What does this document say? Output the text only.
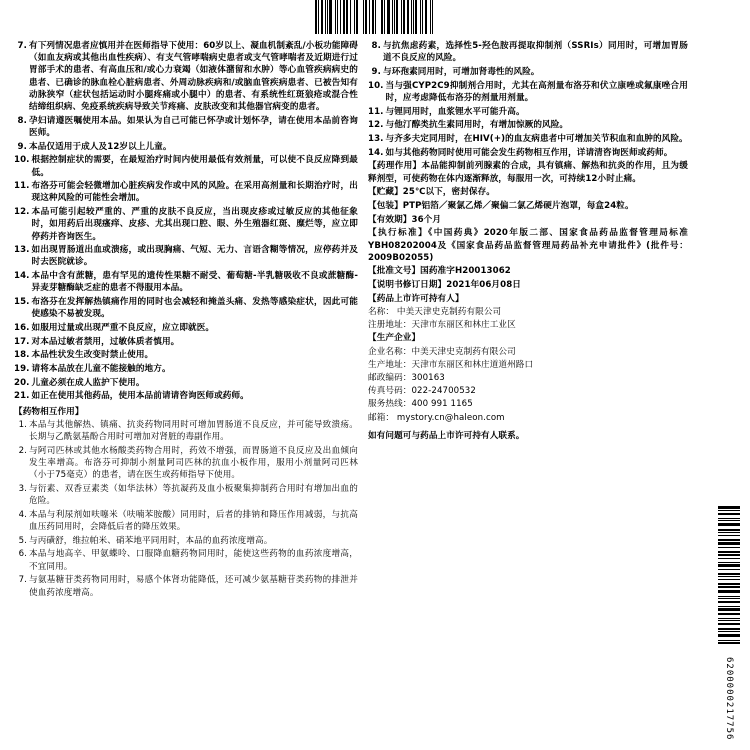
7. 有下列情况患者应慎用并在医师指导下使用：60岁以上、凝血机制紊乱/小板功能障碍（如血友病或其他出血性疾病）、有支气管哮喘病史患者或支气管哮喘者及近期进行过胃部手术的患者、有高血压和/或心力衰竭（如液体潴留和水肿）等心血管疾病病史的患者、已确诊的脉血栓心脏病患者、外周动脉疾病和/或脑血管疾病患者、已被告知有动脉狭窄（症状包括运动时小腿疼痛或小腿中）的患者、有系统性红斑狼疮或混合性结缔组织病、免疫系统疾病导致关节疼痛、皮肤改变和其他器官病变的患者。
8. 孕妇请遵医嘱使用本品。如果认为自己可能已怀孕或计划怀孕，请在使用本品前咨询医师。
9. 本品仅适用于成人及12岁以上儿童。
10. 根据控制症状的需要，在最短治疗时间内使用最低有效剂量，可以使不良反应降到最低。
11. 布洛芬可能会轻微增加心脏疾病发作或中风的风险。在采用高剂量和长期治疗时，出现这种风险的可能性会增加。
12. 本品可能引起较严重的、严重的皮肤不良反应，当出现皮疹或过敏反应的其他征象时，如用药后出现瘙痒、皮疹、尤其出现口腔、眼、外生殖器红斑、糜烂等，应立即停药并咨询医生。
13. 如出现胃肠道出血或溃疡，或出现胸痛、气短、无力、言语含糊等情况，应停药并及时去医院就诊。
14. 本品中含有蔗糖，患有罕见的遗传性果糖不耐受、葡萄糖-半乳糖吸收不良或蔗糖酶-异麦芽糖酶缺乏症的患者不得服用本品。
15. 布洛芬在发挥解热镇痛作用的同时也会减轻和掩盖头痛、发热等感染症状，因此可能使感染不易被发现。
16. 如服用过量或出现严重不良反应，应立即就医。
17. 对本品过敏者禁用，过敏体质者慎用。
18. 本品性状发生改变时禁止使用。
19. 请将本品放在儿童不能接触的地方。
20. 儿童必须在成人监护下使用。
21. 如正在使用其他药品，使用本品前请请咨询医师或药师。
【药物相互作用】
1. 本品与其他解热、镇痛、抗炎药物同用时可增加胃肠道不良反应，并可能导致溃疡。长期与乙酰氨基酚合用时可增加对肾脏的毒副作用。
2. 与阿司匹林或其他水杨酸类药物合用时，药效不增强，而胃肠道不良反应及出血倾向发生率增高。布洛芬可抑制小剂量阿司匹林的抗血小板作用，服用小剂量阿司匹林（小于75毫克）的患者，请在医生或药师指导下使用。
3. 与衍素、双香豆素类（如华法林）等抗凝药及血小板聚集抑制药合用时有增加出血的危险。
4. 本品与利尿剂如呋噻米（呋喃苯胺酸）同用时，后者的排钠和降压作用减弱，与抗高血压药同用时，会降低后者的降压效果。
5. 与丙磺舒，维拉帕米、硝苯地平同用时，本品的血药浓度增高。
6. 本品与地高辛、甲氨蝶呤、口服降血糖药物同用时，能使这些药物的血药浓度增高，不宜同用。
7. 与氨基糖苷类药物同用时，易感个体肾功能降低，还可减少氨基糖苷类药物的排泄并使血药浓度增高。
8. 与抗焦虑药素，选择性5-羟色胺再提取抑制剂（SSRIs）同用时，可增加胃肠道不良反应的风险。
9. 与环孢素同用时，可增加肾毒性的风险。
10. 当与强CYP2C9抑制剂合用时，尤其在高剂量布洛芬和伏立康唑或氟康唑合用时，应考虑降低布洛芬的剂量用剂量。
11. 与锂同用时，血浆锂水平可能升高。
12. 与他汀醇类抗生素同用时，有增加惊厥的风险。
13. 与齐多夫定同用时，在HIV(+)的血友病患者中可增加关节积血和血肿的风险。
14. 如与其他药物同时使用可能会发生药物相互作用，详请清咨询医师或药师。
【药理作用】本品能抑制前列腺素的合成，具有镇痛、解热和抗炎的作用，且为缓释剂型，可使药物在体内逐渐释放，每服用一次，可持续12小时止痛。
【贮藏】25℃以下，密封保存。
【包装】PTP铝箔／聚氯乙烯／聚偏二氯乙烯硬片泡罩，每盒24粒。
【有效期】36个月
【执行标准】《中国药典》2020年版二部、国家食品药品监督管理局标准YBH08202004及《国家食品药品监督管理局药品补充申请批件》(批件号：2009B02055)
【批准文号】国药准字H20013062
【说明书修订日期】2021年06月08日
【药品上市许可持有人】
名称： 中美天津史克制药有限公司
注册地址：天津市东丽区和林庄工业区
【生产企业】
企业名称：中美天津史克制药有限公司
生产地址：天津市东丽区和林庄道道州路口
邮政编码：300163
传真号码：022-24700532
服务热线：400 991 1165
邮箱： mystory.cn@haleon.com
如有问题可与药品上市许可持有人联系。
6200000217756
